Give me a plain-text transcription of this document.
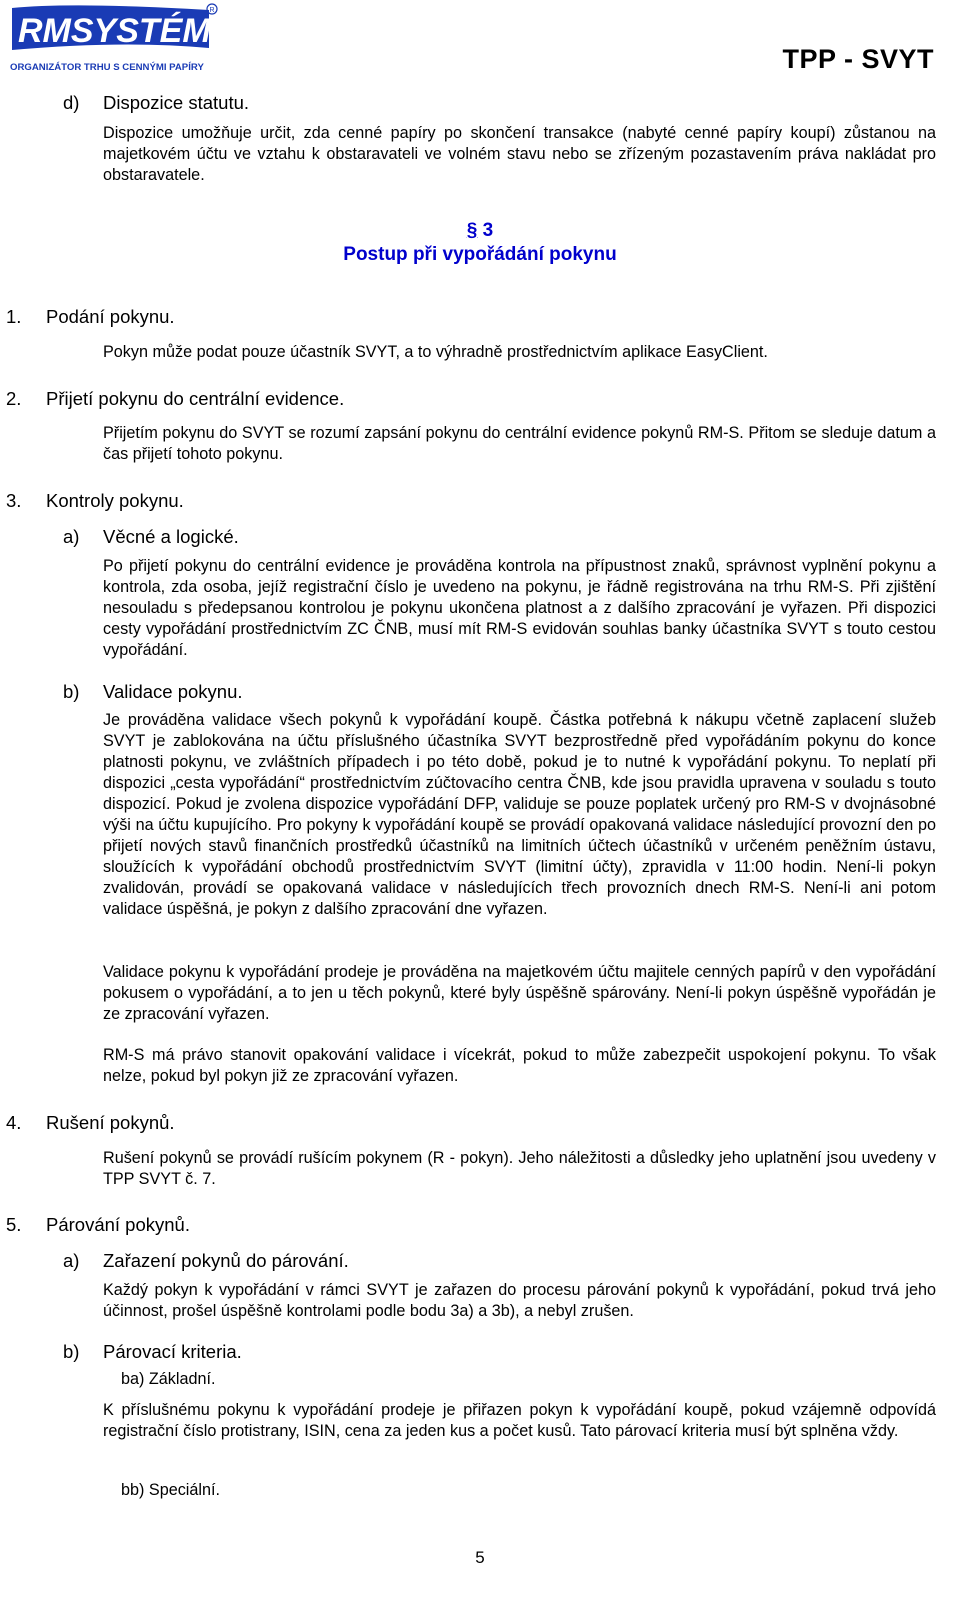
RMSYSTÉM
R
ORGANIZÁTOR TRHU S CENNÝMI PAPÍRY	TPP - SVYT
d) Dispozice statutu.
Dispozice umožňuje určit, zda cenné papíry po skončení transakce (nabyté cenné papíry koupí) zůstanou na majetkovém účtu ve vztahu k obstaravateli ve volném stavu nebo se zřízeným pozastavením práva nakládat pro obstaravatele.
§ 3
Postup při vypořádání pokynu
1. Podání pokynu.
Pokyn může podat pouze účastník SVYT, a to výhradně prostřednictvím aplikace EasyClient.
2. Přijetí pokynu do centrální evidence.
Přijetím pokynu do SVYT se rozumí zapsání pokynu do centrální evidence pokynů RM-S. Přitom se sleduje datum a čas přijetí tohoto pokynu.
3. Kontroly pokynu.
a) Věcné a logické.
Po přijetí pokynu do centrální evidence je prováděna kontrola na přípustnost znaků, správnost vyplnění pokynu a kontrola, zda osoba, jejíž registrační číslo je uvedeno na pokynu, je řádně registrována na trhu RM-S. Při zjištění nesouladu s předepsanou kontrolou je pokynu ukončena platnost a z dalšího zpracování je vyřazen. Při dispozici cesty vypořádání prostřednictvím ZC ČNB, musí mít RM-S evidován souhlas banky účastníka SVYT s touto cestou vypořádání.
b) Validace pokynu.
Je prováděna validace všech pokynů k vypořádání koupě. Částka potřebná k nákupu včetně zaplacení služeb SVYT je zablokována na účtu příslušného účastníka SVYT bezprostředně před vypořádáním pokynu do konce platnosti pokynu, ve zvláštních případech i po této době, pokud je to nutné k vypořádání pokynu. To neplatí při dispozici „cesta vypořádání“ prostřednictvím zúčtovacího centra ČNB, kde jsou pravidla upravena v souladu s touto dispozicí. Pokud je zvolena dispozice vypořádání DFP, validuje se pouze poplatek určený pro RM-S v dvojnásobné výši na účtu kupujícího. Pro pokyny k vypořádání koupě se provádí opakovaná validace následující provozní den po přijetí nových stavů finančních prostředků účastníků na limitních účtech účastníků v určeném peněžním ústavu, sloužících k vypořádání obchodů prostřednictvím SVYT (limitní účty), zpravidla v 11:00 hodin. Není-li pokyn zvalidován, provádí se opakovaná validace v následujících třech provozních dnech RM-S. Není-li ani potom validace úspěšná, je pokyn z dalšího zpracování dne vyřazen.
Validace pokynu k vypořádání prodeje je prováděna na majetkovém účtu majitele cenných papírů v den vypořádání pokusem o vypořádání, a to jen u těch pokynů, které byly úspěšně spárovány. Není-li pokyn úspěšně vypořádán je ze zpracování vyřazen.
RM-S má právo stanovit opakování validace i vícekrát, pokud to může zabezpečit uspokojení pokynu. To však nelze, pokud byl pokyn již ze zpracování vyřazen.
4. Rušení pokynů.
Rušení pokynů se provádí rušícím pokynem (R - pokyn). Jeho náležitosti a důsledky jeho uplatnění jsou uvedeny v TPP SVYT č. 7.
5. Párování pokynů.
a) Zařazení pokynů do párování.
Každý pokyn k vypořádání v rámci SVYT je zařazen do procesu párování pokynů k vypořádání, pokud trvá jeho účinnost, prošel úspěšně kontrolami podle bodu 3a) a 3b), a nebyl zrušen.
b) Párovací kriteria.
ba) Základní.
K příslušnému pokynu k vypořádání prodeje je přiřazen pokyn k vypořádání koupě, pokud vzájemně odpovídá registrační číslo protistrany, ISIN, cena za jeden kus a počet kusů. Tato párovací kriteria musí být splněna vždy.
bb) Speciální.
5
